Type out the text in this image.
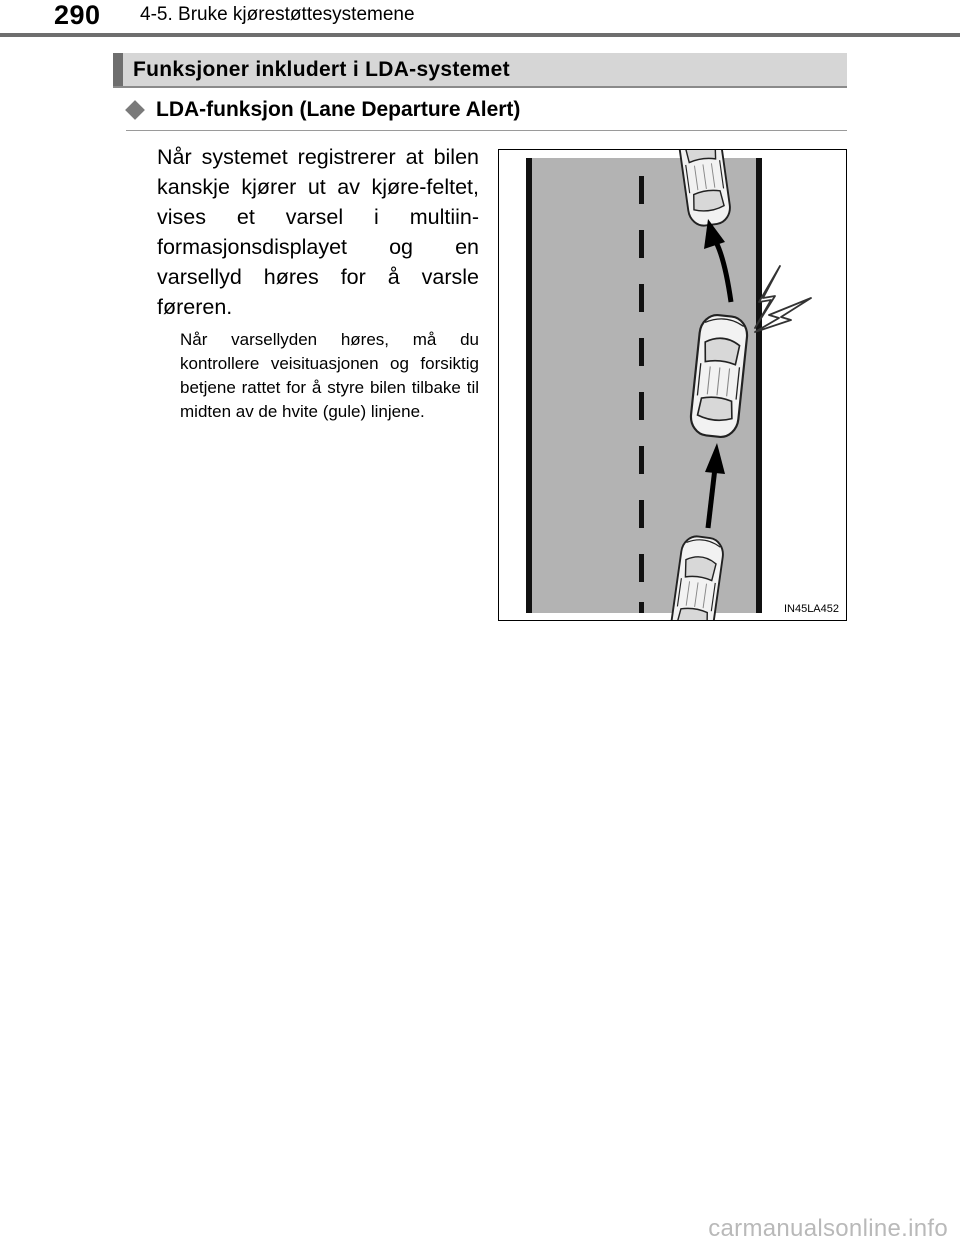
290 4-5. Bruke kjørestøttesystemene
Funksjoner inkludert i LDA-systemet
LDA-funksjon (Lane Departure Alert)
Når systemet registrerer at bilen kanskje kjører ut av kjøre-feltet, vises et varsel i multiin-formasjonsdisplayet og en varsellyd høres for å varsle føreren.
Når varsellyden høres, må du kontrollere veisituasjonen og forsiktig betjene rattet for å styre bilen tilbake til midten av de hvite (gule) linjene.
IN45LA452
carmanualsonline.info
